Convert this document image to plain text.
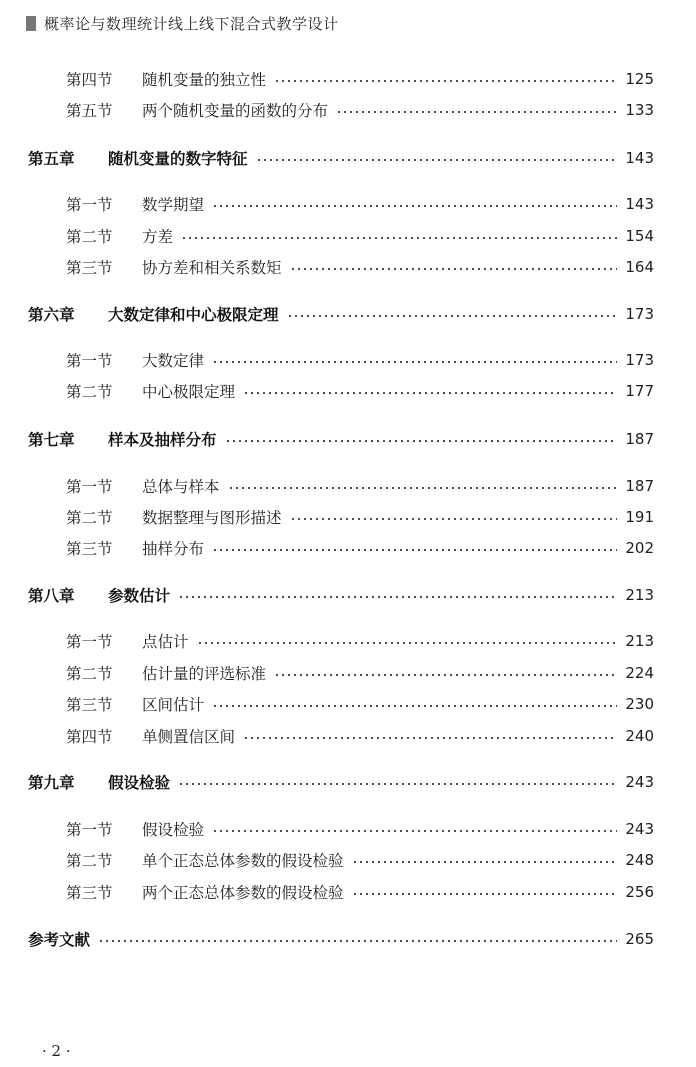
概率论与数理统计线上线下混合式教学设计
第四节 随机变量的独立性	125
第五节 两个随机变量的函数的分布	133
第五章 随机变量的数字特征	143
第一节 数学期望	143
第二节 方差	154
第三节 协方差和相关系数矩	164
第六章 大数定律和中心极限定理	173
第一节 大数定律	173
第二节 中心极限定理	177
第七章 样本及抽样分布	187
第一节 总体与样本	187
第二节 数据整理与图形描述	191
第三节 抽样分布	202
第八章 参数估计	213
第一节 点估计	213
第二节 估计量的评选标准	224
第三节 区间估计	230
第四节 单侧置信区间	240
第九章 假设检验	243
第一节 假设检验	243
第二节 单个正态总体参数的假设检验	248
第三节 两个正态总体参数的假设检验	256
参考文献	265
· 2 ·
